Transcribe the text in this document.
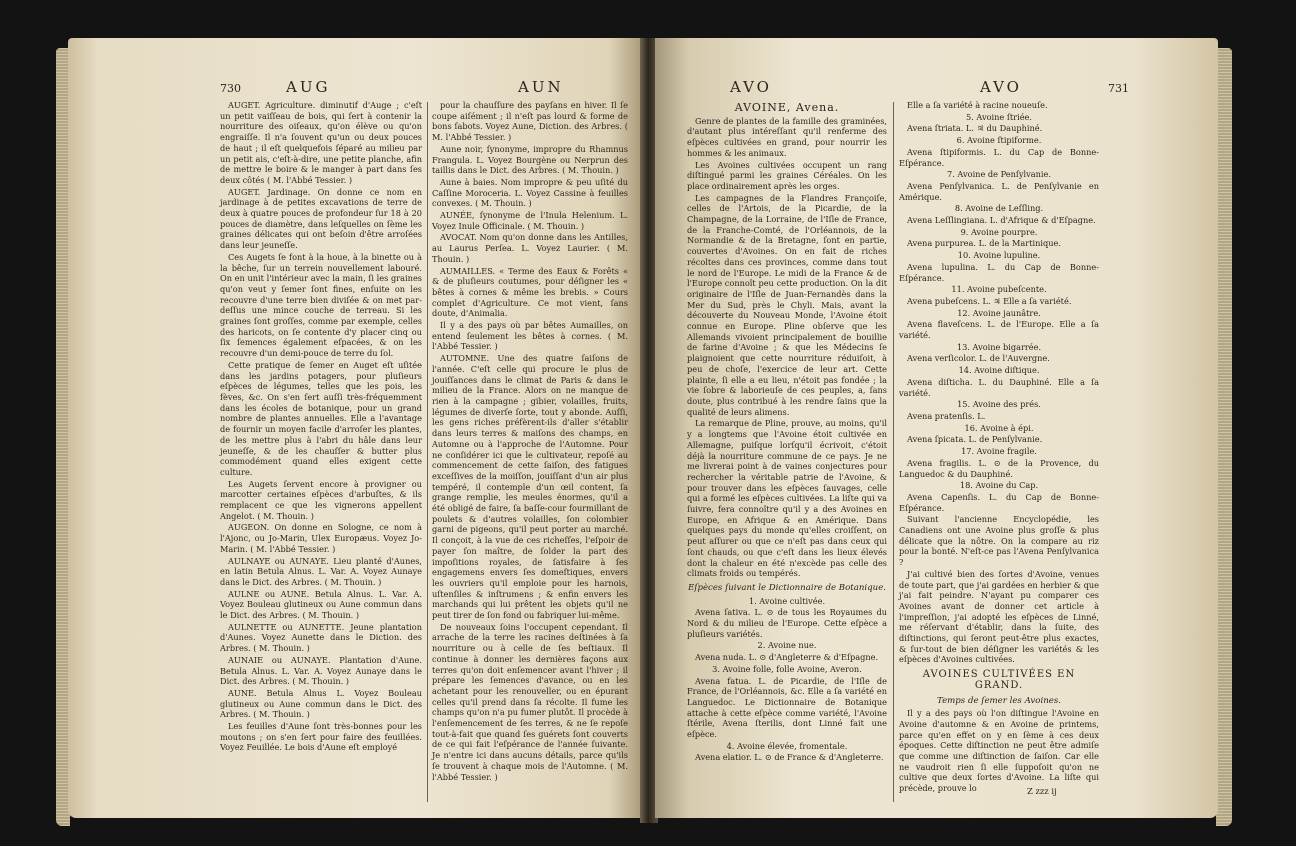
730	AUG	AUN

AUGET. Agriculture. diminutif d'Auge ; c'eſt un petit vaiſſeau de bois, qui ſert à contenir la nourriture des oiſeaux, qu'on élève ou qu'on engraiſſe. Il n'a ſouvent qu'un ou deux pouces de haut ; il eſt quelquefois ſéparé au milieu par un petit ais, c'eſt-à-dire, une petite planche, afin de mettre le boire & le manger à part dans ſes deux côtés ( M. l'Abbé Tessier. )

AUGET. Jardinage. On donne ce nom en jardinage à de petites excavations de terre de deux à quatre pouces de profondeur ſur 18 à 20 pouces de diamètre, dans leſquelles on ſème les graines délicates qui ont beſoin d'être arroſées dans leur jeuneſſe.

Ces Augets ſe font à la houe, à la binette ou à la bêche, ſur un terrein nouvellement labouré. On en unit l'intérieur avec la main, ſi les graines qu'on veut y ſemer ſont fines, enſuite on les recouvre d'une terre bien diviſée & on met par-deſſus une mince couche de terreau. Si les graines ſont groſſes, comme par exemple, celles des haricots, on ſe contente d'y placer cinq ou ſix ſemences également eſpacées, & on les recouvre d'un demi-pouce de terre du ſol.

Cette pratique de ſemer en Auget eſt uſitée dans les jardins potagers, pour pluſieurs eſpèces de légumes, telles que les pois, les fèves, &c. On s'en ſert auſſi très-fréquemment dans les écoles de botanique, pour un grand nombre de plantes annuelles. Elle a l'avantage de fournir un moyen facile d'arroſer les plantes, de les mettre plus à l'abri du hâle dans leur jeuneſſe, & de les chauſſer & butter plus commodément quand elles exigent cette culture.

Les Augets ſervent encore à provigner ou marcotter certaines eſpèces d'arbuſtes, & ils remplacent ce que les vignerons appellent Angelot. ( M. Thouin. )

AUGEON. On donne en Sologne, ce nom à l'Ajonc, ou Jo-Marin, Ulex Europæus. Voyez Jo-Marin. ( M. l'Abbé Tessier. )

AULNAYE ou AUNAYE. Lieu planté d'Aunes, en latin Betula Alnus. L. Var. A. Voyez Aunaye dans le Dict. des Arbres. ( M. Thouin. )

AULNE ou AUNE. Betula Alnus. L. Var. A. Voyez Bouleau glutineux ou Aune commun dans le Dict. des Arbres. ( M. Thouin. )

AULNETTE ou AUNETTE. Jeune plantation d'Aunes. Voyez Aunette dans le Diction. des Arbres. ( M. Thouin. )

AUNAIE ou AUNAYE. Plantation d'Aune. Betula Alnus. L. Var. A. Voyez Aunaye dans le Dict. des Arbres. ( M. Thouin. )

AUNE. Betula Alnus L. Voyez Bouleau glutineux ou Aune commun dans le Dict. des Arbres. ( M. Thouin. )

Les feuilles d'Aune ſont très-bonnes pour les moutons ; on s'en ſert pour faire des feuillées. Voyez Feuillée. Le bois d'Aune eſt employé

pour la chauſſure des payſans en hiver. Il ſe coupe aiſément ; il n'eſt pas lourd & forme de bons ſabots. Voyez Aune, Diction. des Arbres. ( M. l'Abbé Tessier. )

Aune noir, ſynonyme, impropre du Rhamnus Frangula. L. Voyez Bourgène ou Nerprun des taillis dans le Dict. des Arbres. ( M. Thouin. )

Aune à baies. Nom impropre & peu uſité du Caſſine Moroceria. L. Voyez Cassine à feuilles convexes. ( M. Thouin. )

AUNÉE, ſynonyme de l'Inula Helenium. L. Voyez Inule Officinale. ( M. Thouin. )

AVOCAT. Nom qu'on donne dans les Antilles, au Laurus Perſea. L. Voyez Laurier. ( M. Thouin. )

AUMAILLES. « Terme des Eaux & Forêts « & de pluſieurs coutumes, pour déſigner les « bêtes à cornes & même les brebis. » Cours complet d'Agriculture. Ce mot vient, ſans doute, d'Animalia.

Il y a des pays où par bêtes Aumailles, on entend ſeulement les bêtes à cornes. ( M. l'Abbé Tessier. )

AUTOMNE. Une des quatre ſaiſons de l'année. C'eſt celle qui procure le plus de jouiſſances dans le climat de Paris & dans le milieu de la France. Alors on ne manque de rien à la campagne ; gibier, volailles, fruits, légumes de diverſe ſorte, tout y abonde. Auſſi, les gens riches préfèrent-ils d'aller s'établir dans leurs terres & maiſons des champs, en Automne ou à l'approche de l'Automne. Pour ne conſidérer ici que le cultivateur, repoſé au commencement de cette ſaiſon, des fatigues exceſſives de la moiſſon, jouiſſant d'un air plus tempéré, il contemple d'un œil content, ſa grange remplie, les meules énormes, qu'il a été obligé de faire, ſa baſſe-cour fourmillant de poulets & d'autres volailles, ſon colombier garni de pigeons, qu'il peut porter au marché. Il conçoit, à la vue de ces richeſſes, l'eſpoir de payer ſon maître, de ſolder la part des impoſitions royales, de ſatisfaire à ſes engagemens envers ſes domeſtiques, envers les ouvriers qu'il emploie pour les harnois, uſtenſiles & inſtrumens ; & enfin envers les marchands qui lui prêtent les objets qu'il ne peut tirer de ſon fond ou fabriquer lui-même.

De nouveaux ſoins l'occupent cependant. Il arrache de la terre les racines deſtinées à ſa nourriture ou à celle de ſes beſtiaux. Il continue à donner les dernières façons aux terres qu'on doit enſemencer avant l'hiver ; il prépare les ſemences d'avance, ou en les achetant pour les renouveller, ou en épurant celles qu'il prend dans ſa récolte. Il fume les champs qu'on n'a pu fumer plutôt. Il procède à l'enſemencement de ſes terres, & ne ſe repoſe tout-à-fait que quand ſes guérets ſont couverts de ce qui fait l'eſpérance de l'année ſuivante. Je n'entre ici dans aucuns détails, parce qu'ils ſe trouvent à chaque mois de l'Automne. ( M. l'Abbé Tessier. )

AVO	AVO	731
AVOINE, Avena.

Genre de plantes de la famille des graminées, d'autant plus intéreſſant qu'il renferme des eſpèces cultivées en grand, pour nourrir les hommes & les animaux.

Les Avoines cultivées occupent un rang diſtingué parmi les graines Céréales. On les place ordinairement après les orges.

Les campagnes de la Flandres Françoiſe, celles de l'Artois, de la Picardie, de la Champagne, de la Lorraine, de l'Iſle de France, de la Franche-Comté, de l'Orléannois, de la Normandie & de la Bretagne, ſont en partie, couvertes d'Avoines. On en fait de riches récoltes dans ces provinces, comme dans tout le nord de l'Europe. Le midi de la France & de l'Europe connoît peu cette production. On la dit originaire de l'Iſle de Juan-Fernandès dans la Mer du Sud, près le Chyli. Mais, avant la découverte du Nouveau Monde, l'Avoine étoit connue en Europe. Pline obſerve que les Allemands vivoient principalement de bouillie de farine d'Avoine ; & que les Médecins ſe plaignoient que cette nourriture réduiſoit, à peu de choſe, l'exercice de leur art. Cette plainte, ſi elle a eu lieu, n'étoit pas fondée ; la vie ſobre & laborieuſe de ces peuples, a, ſans doute, plus contribué à les rendre ſains que la qualité de leurs alimens.

La remarque de Pline, prouve, au moins, qu'il y a longtems que l'Avoine étoit cultivée en Allemagne, puiſque lorſqu'il écrivoit, c'étoit déjà la nourriture commune de ce pays. Je ne me livrerai point à de vaines conjectures pour rechercher la véritable patrie de l'Avoine, & pour trouver dans les eſpèces ſauvages, celle qui a formé les eſpèces cultivées. La liſte qui va ſuivre, fera connoître qu'il y a des Avoines en Europe, en Afrique & en Amérique. Dans quelques pays du monde qu'elles croiſſent, on peut aſſurer ou que ce n'eſt pas dans ceux qui ſont chauds, ou que c'eſt dans les lieux élevés dont la chaleur en été n'excède pas celle des climats froids ou tempérés.

Eſpèces ſuivant le Dictionnaire de Botanique.

1. Avoine cultivée.

Avena ſativa. L. ⊙ de tous les Royaumes du Nord & du milieu de l'Europe. Cette eſpèce a pluſieurs variétés.

2. Avoine nue.

Avena nuda. L. ⊙ d'Angleterre & d'Eſpagne.

3. Avoine folle, folle Avoine, Averon.

Avena fatua. L. de Picardie, de l'Iſle de France, de l'Orléannois, &c. Elle a ſa variété en Languedoc. Le Dictionnaire de Botanique attache à cette eſpèce comme variété, l'Avoine ſtérile, Avena ſterilis, dont Linné fait une eſpèce.

4. Avoine élevée, fromentale.

Avena elatior. L. ⊙ de France & d'Angleterre.

Elle a ſa variété à racine noueuſe.

5. Avoine ſtriée.

Avena ſtriata. L. ♃ du Dauphiné.

6. Avoine ſtipiforme.

Avena ſtipiformis. L. du Cap de Bonne-Eſpérance.

7. Avoine de Penſylvanie.

Avena Penſylvanica. L. de Penſylvanie en Amérique.

8. Avoine de Leſſling.

Avena Leſſlingiana. L. d'Afrique & d'Eſpagne.

9. Avoine pourpre.

Avena purpurea. L. de la Martinique.

10. Avoine lupuline.

Avena lupulina. L. du Cap de Bonne-Eſpérance.

11. Avoine pubeſcente.

Avena pubeſcens. L. ♃ Elle a ſa variété.

12. Avoine jaunâtre.

Avena flaveſcens. L. de l'Europe. Elle a ſa variété.

13. Avoine bigarrée.

Avena verſicolor. L. de l'Auvergne.

14. Avoine diſtique.

Avena diſticha. L. du Dauphiné. Elle a ſa variété.

15. Avoine des prés.

Avena pratenſis. L.

16. Avoine à épi.

Avena ſpicata. L. de Penſylvanie.

17. Avoine fragile.

Avena fragilis. L. ⊙ de la Provence, du Languedoc & du Dauphiné.

18. Avoine du Cap.

Avena Capenſis. L. du Cap de Bonne-Eſpérance.

Suivant l'ancienne Encyclopédie, les Canadiens ont une Avoine plus groſſe & plus délicate que la nôtre. On la compare au riz pour la bonté. N'eſt-ce pas l'Avena Penſylvanica ?

J'ai cultivé bien des ſortes d'Avoine, venues de toute part, que j'ai gardées en herbier & que j'ai fait peindre. N'ayant pu comparer ces Avoines avant de donner cet article à l'impreſſion, j'ai adopté les eſpèces de Linné, me réſervant d'établir, dans la ſuite, des diſtinctions, qui ſeront peut-être plus exactes, & ſur-tout de bien déſigner les variétés & les eſpèces d'Avoines cultivées.

AVOINES CULTIVÉES EN GRAND.
Temps de ſemer les Avoines.

Il y a des pays où l'on diſtingue l'Avoine en Avoine d'automne & en Avoine de printems, parce qu'en effet on y en ſème à ces deux époques. Cette diſtinction ne peut être admiſe que comme une diſtinction de ſaiſon. Car elle ne vaudroit rien ſi elle ſuppoſoit qu'on ne cultive que deux ſortes d'Avoine. La liſte qui précède, prouve lo	Z zzz ij
